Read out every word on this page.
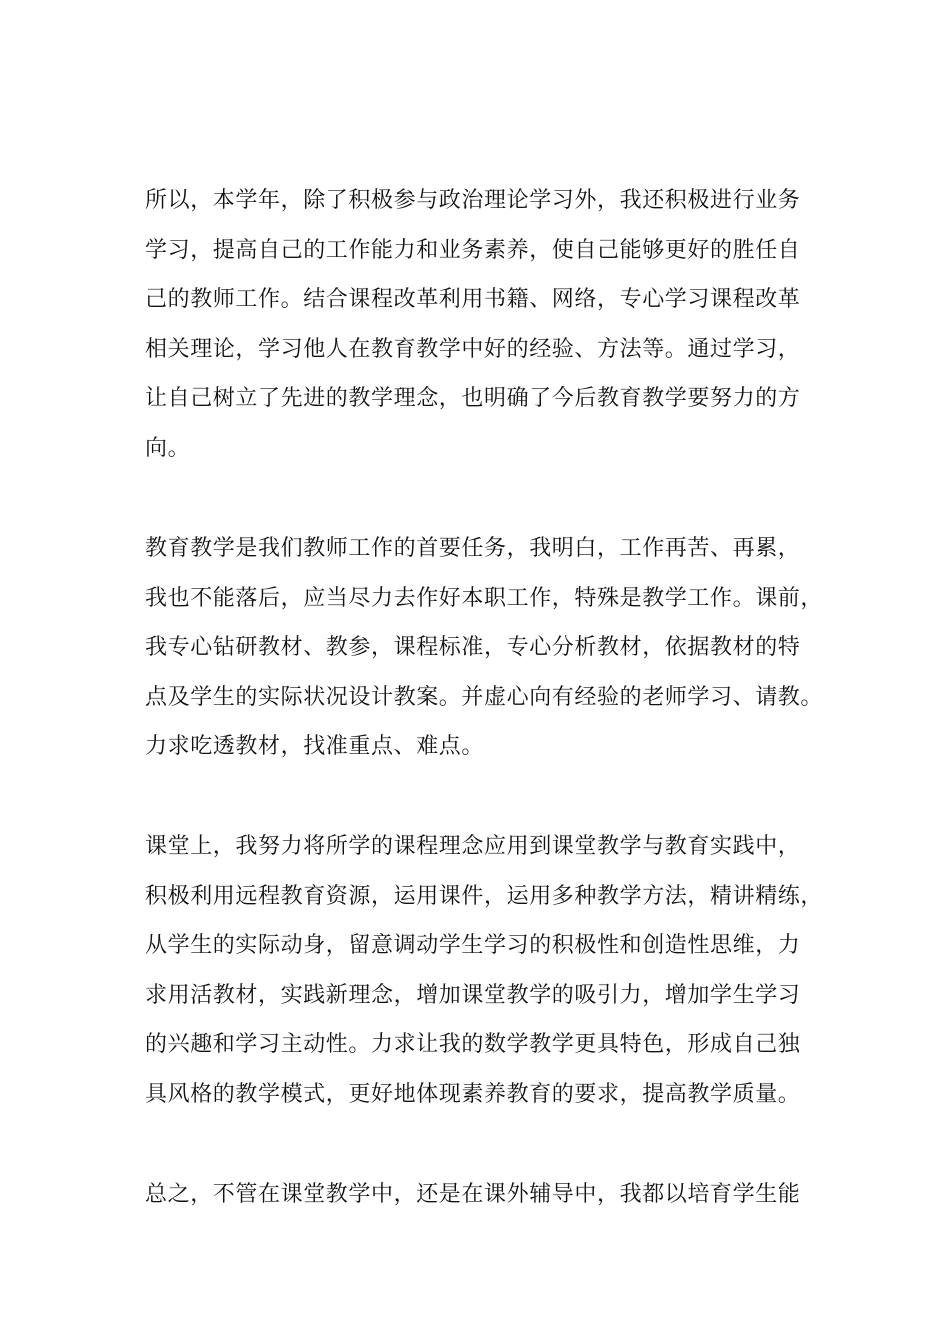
所以，本学年，除了积极参与政治理论学习外，我还积极进行业务
学习，提高自己的工作能力和业务素养，使自己能够更好的胜任自
己的教师工作。结合课程改革利用书籍、网络，专心学习课程改革
相关理论，学习他人在教育教学中好的经验、方法等。通过学习，
让自己树立了先进的教学理念，也明确了今后教育教学要努力的方
向。
教育教学是我们教师工作的首要任务，我明白，工作再苦、再累，
我也不能落后，应当尽力去作好本职工作，特殊是教学工作。课前，
我专心钻研教材、教参，课程标准，专心分析教材，依据教材的特
点及学生的实际状况设计教案。并虚心向有经验的老师学习、请教。
力求吃透教材，找准重点、难点。
课堂上，我努力将所学的课程理念应用到课堂教学与教育实践中，
积极利用远程教育资源，运用课件，运用多种教学方法，精讲精练，
从学生的实际动身，留意调动学生学习的积极性和创造性思维，力
求用活教材，实践新理念，增加课堂教学的吸引力，增加学生学习
的兴趣和学习主动性。力求让我的数学教学更具特色，形成自己独
具风格的教学模式，更好地体现素养教育的要求，提高教学质量。
总之，不管在课堂教学中，还是在课外辅导中，我都以培育学生能
